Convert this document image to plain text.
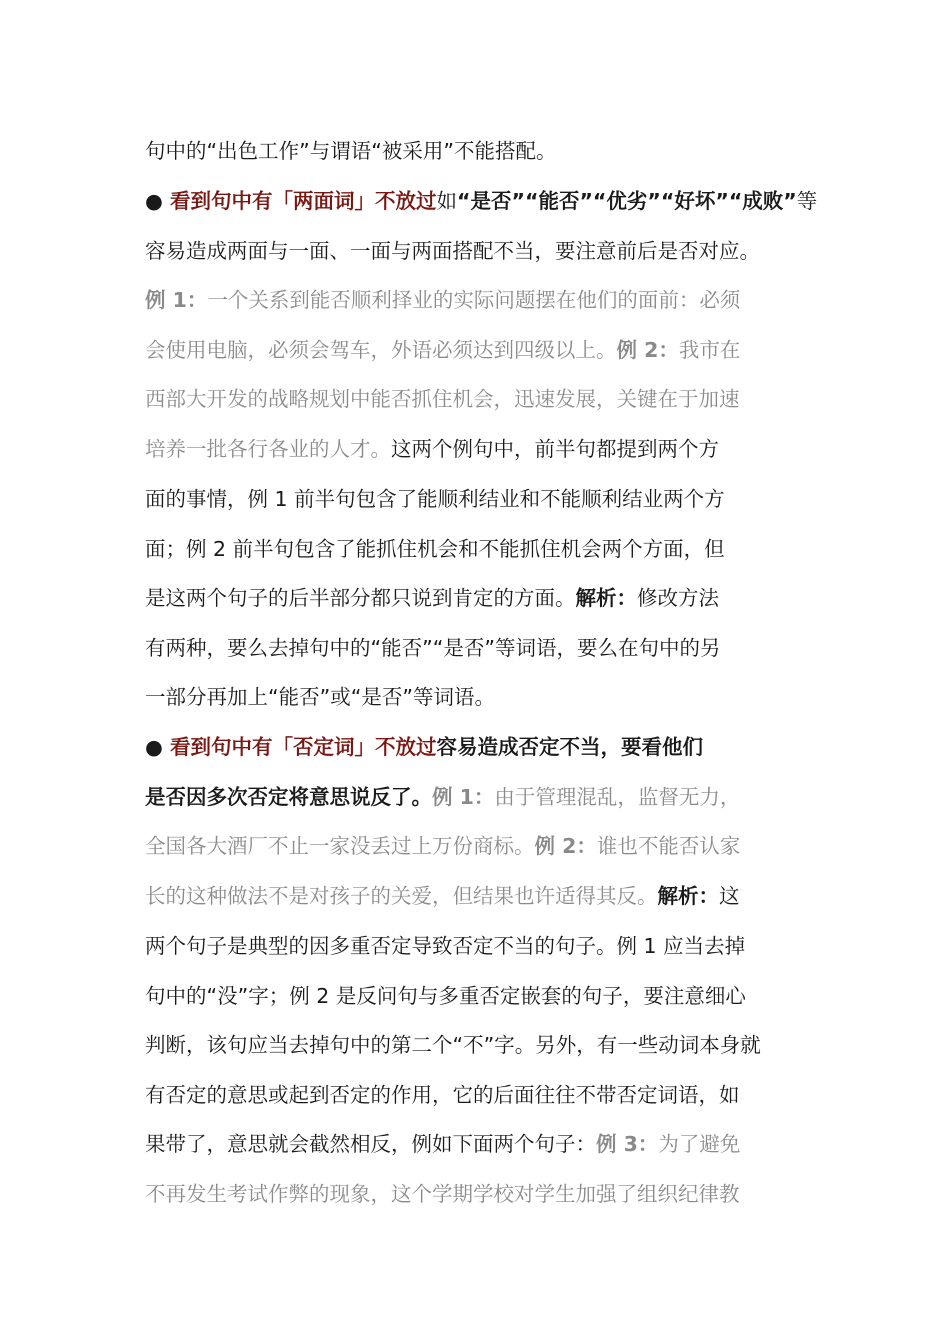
句中的“出色工作”与谓语“被采用”不能搭配。
● 看到句中有「两面词」不放过如“是否”“能否”“优劣”“好坏”“成败”等
容易造成两面与一面、一面与两面搭配不当，要注意前后是否对应。
例 1：一个关系到能否顺利择业的实际问题摆在他们的面前：必须
会使用电脑，必须会驾车，外语必须达到四级以上。例 2：我市在
西部大开发的战略规划中能否抓住机会，迅速发展，关键在于加速
培养一批各行各业的人才。这两个例句中，前半句都提到两个方
面的事情，例 1 前半句包含了能顺利结业和不能顺利结业两个方
面；例 2 前半句包含了能抓住机会和不能抓住机会两个方面，但
是这两个句子的后半部分都只说到肯定的方面。解析：修改方法
有两种，要么去掉句中的“能否”“是否”等词语，要么在句中的另
一部分再加上“能否”或“是否”等词语。
● 看到句中有「否定词」不放过容易造成否定不当，要看他们
是否因多次否定将意思说反了。例 1：由于管理混乱，监督无力，
全国各大酒厂不止一家没丢过上万份商标。例 2：谁也不能否认家
长的这种做法不是对孩子的关爱，但结果也许适得其反。解析：这
两个句子是典型的因多重否定导致否定不当的句子。例 1 应当去掉
句中的“没”字；例 2 是反问句与多重否定嵌套的句子，要注意细心
判断，该句应当去掉句中的第二个“不”字。另外，有一些动词本身就
有否定的意思或起到否定的作用，它的后面往往不带否定词语，如
果带了，意思就会截然相反，例如下面两个句子：例 3：为了避免
不再发生考试作弊的现象，这个学期学校对学生加强了组织纪律教
